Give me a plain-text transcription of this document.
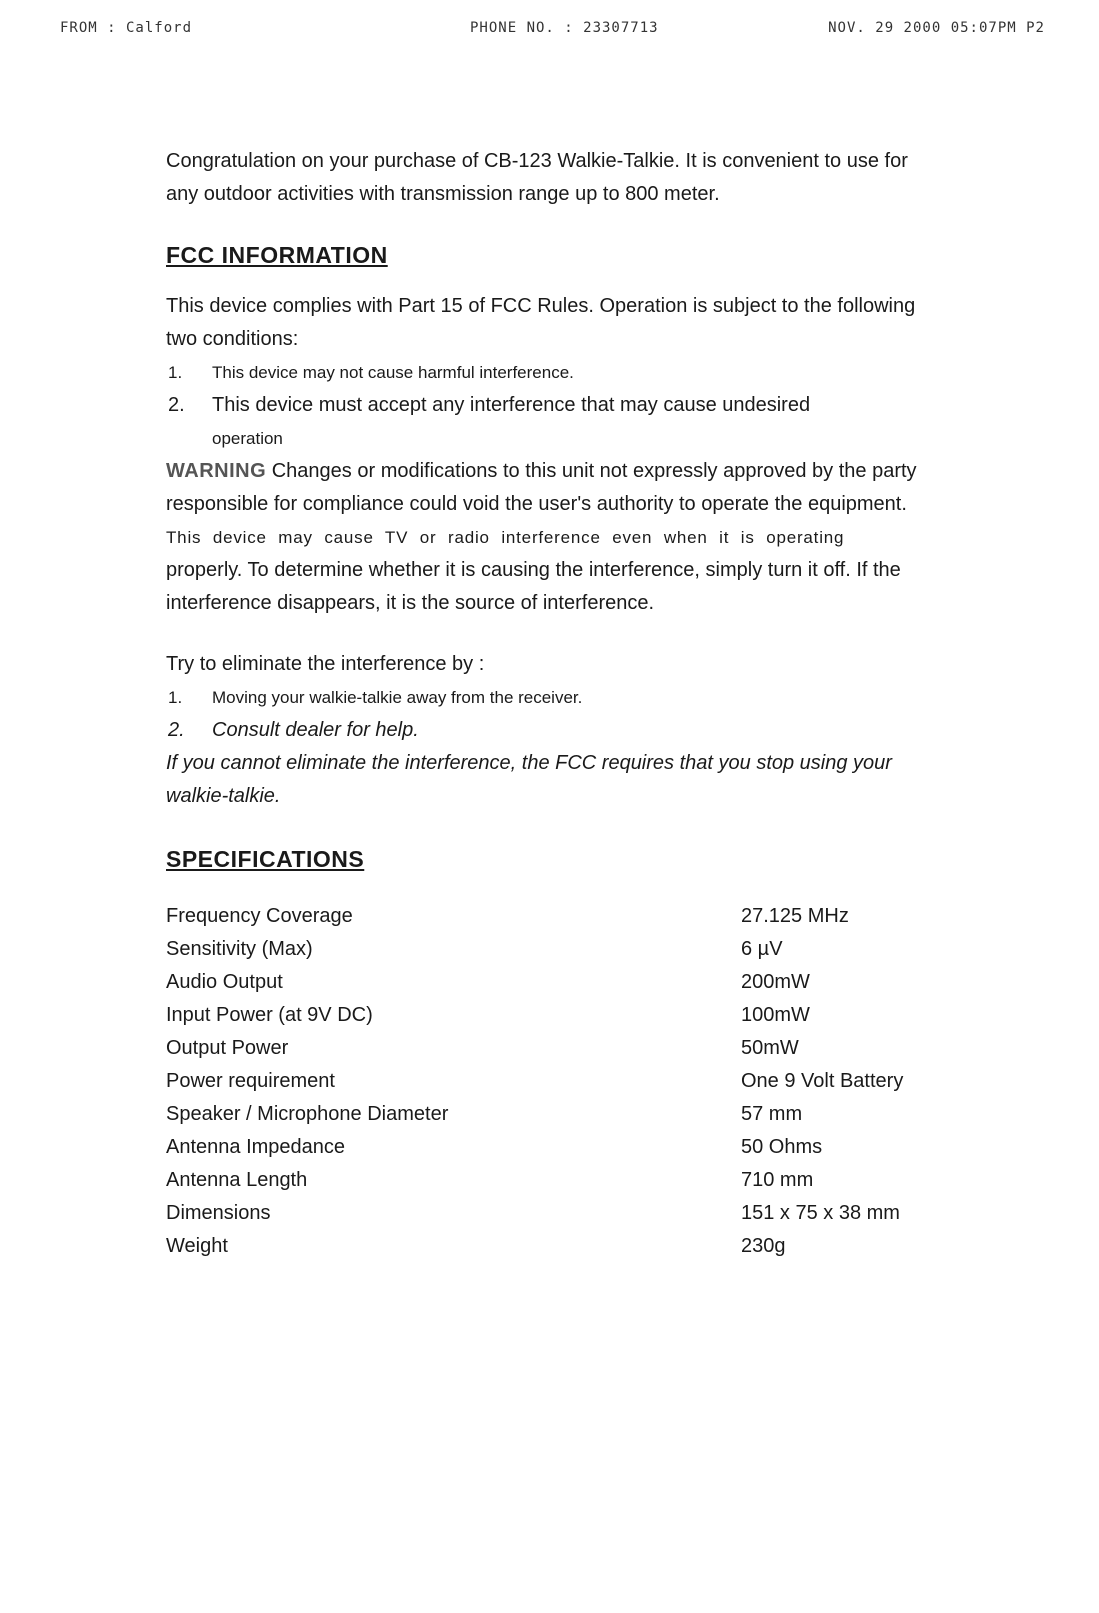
FROM : Calford	PHONE NO. : 23307713	NOV. 29 2000 05:07PM P2

Congratulation on your purchase of CB-123 Walkie-Talkie. It is convenient to use for any outdoor activities with transmission range up to 800 meter.

FCC INFORMATION

This device complies with Part 15 of FCC Rules. Operation is subject to the following two conditions:

1. This device may not cause harmful interference.
2. This device must accept any interference that may cause undesired
operation

WARNING Changes or modifications to this unit not expressly approved by the party responsible for compliance could void the user's authority to operate the equipment.

This device may cause TV or radio interference even when it is operating

properly. To determine whether it is causing the interference, simply turn it off. If the interference disappears, it is the source of interference.

Try to eliminate the interference by :

1. Moving your walkie-talkie away from the receiver.
2. Consult dealer for help.

If you cannot eliminate the interference, the FCC requires that you stop using your walkie-talkie.

SPECIFICATIONS
Frequency Coverage	27.125 MHz
Sensitivity (Max)	6 µV
Audio Output	200mW
Input Power (at 9V DC)	100mW
Output Power	50mW
Power requirement	One 9 Volt Battery
Speaker / Microphone Diameter	57 mm
Antenna Impedance	50 Ohms
Antenna Length	710 mm
Dimensions	151 x 75 x 38 mm
Weight	230g
